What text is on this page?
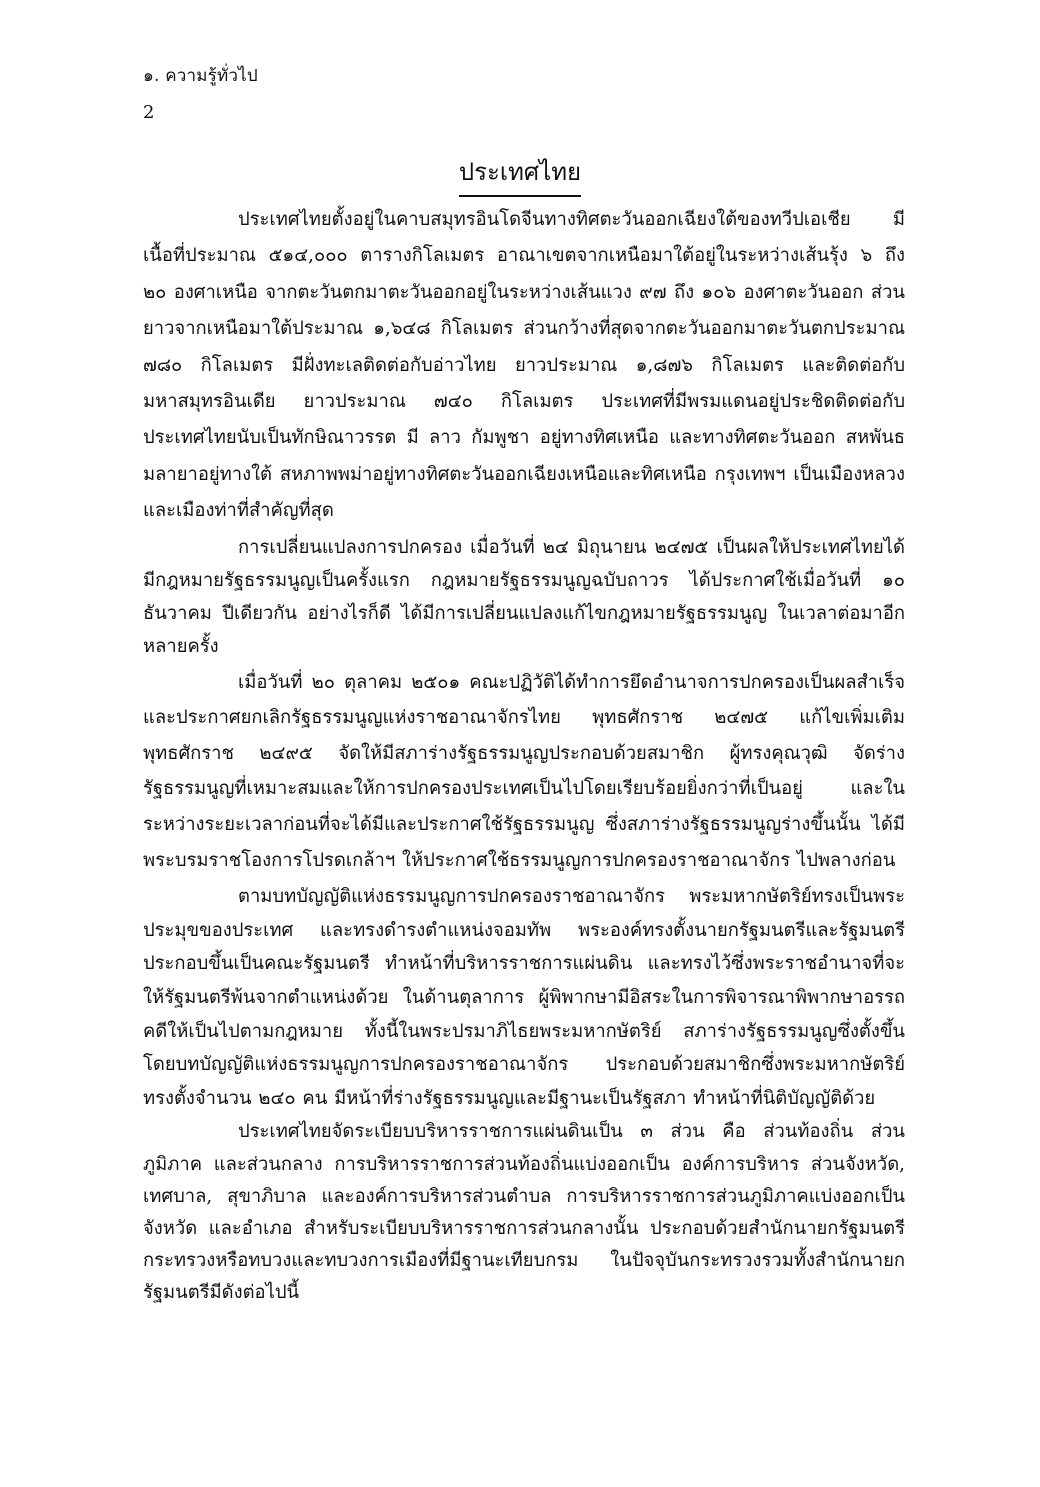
๑. ความรู้ทั่วไป
2
ประเทศไทย

ประเทศไทยตั้งอยู่ในคาบสมุทรอินโดจีนทางทิศตะวันออกเฉียงใต้ของทวีปเอเชีย มีเนื้อที่ประมาณ ๕๑๔,๐๐๐ ตารางกิโลเมตร อาณาเขตจากเหนือมาใต้อยู่ในระหว่างเส้นรุ้ง ๖ ถึง ๒๐ องศาเหนือ จากตะวันตกมาตะวันออกอยู่ในระหว่างเส้นแวง ๙๗ ถึง ๑๐๖ องศาตะวันออก ส่วนยาวจากเหนือมาใต้ประมาณ ๑,๖๔๘ กิโลเมตร ส่วนกว้างที่สุดจากตะวันออกมาตะวันตกประมาณ ๗๘๐ กิโลเมตร มีฝั่งทะเลติดต่อกับอ่าวไทย ยาวประมาณ ๑,๘๗๖ กิโลเมตร และติดต่อกับมหาสมุทรอินเดีย ยาวประมาณ ๗๔๐ กิโลเมตร ประเทศที่มีพรมแดนอยู่ประชิดติดต่อกับประเทศไทยนับเป็นทักษิณาวรรต มี ลาว กัมพูชา อยู่ทางทิศเหนือ และทางทิศตะวันออก สหพันธมลายาอยู่ทางใต้ สหภาพพม่าอยู่ทางทิศตะวันออกเฉียงเหนือและทิศเหนือ กรุงเทพฯ เป็นเมืองหลวงและเมืองท่าที่สำคัญที่สุด

การเปลี่ยนแปลงการปกครอง เมื่อวันที่ ๒๔ มิถุนายน ๒๔๗๕ เป็นผลให้ประเทศไทยได้มีกฎหมายรัฐธรรมนูญเป็นครั้งแรก กฎหมายรัฐธรรมนูญฉบับถาวร ได้ประกาศใช้เมื่อวันที่ ๑๐ ธันวาคม ปีเดียวกัน อย่างไรก็ดี ได้มีการเปลี่ยนแปลงแก้ไขกฎหมายรัฐธรรมนูญ ในเวลาต่อมาอีกหลายครั้ง

เมื่อวันที่ ๒๐ ตุลาคม ๒๕๐๑ คณะปฏิวัติได้ทำการยึดอำนาจการปกครองเป็นผลสำเร็จ และประกาศยกเลิกรัฐธรรมนูญแห่งราชอาณาจักรไทย พุทธศักราช ๒๔๗๕ แก้ไขเพิ่มเติม พุทธศักราช ๒๔๙๕ จัดให้มีสภาร่างรัฐธรรมนูญประกอบด้วยสมาชิก ผู้ทรงคุณวุฒิ จัดร่างรัฐธรรมนูญที่เหมาะสมและให้การปกครองประเทศเป็นไปโดยเรียบร้อยยิ่งกว่าที่เป็นอยู่ และในระหว่างระยะเวลาก่อนที่จะได้มีและประกาศใช้รัฐธรรมนูญ ซึ่งสภาร่างรัฐธรรมนูญร่างขึ้นนั้น ได้มีพระบรมราชโองการโปรดเกล้าฯ ให้ประกาศใช้ธรรมนูญการปกครองราชอาณาจักร ไปพลางก่อน

ตามบทบัญญัติแห่งธรรมนูญการปกครองราชอาณาจักร พระมหากษัตริย์ทรงเป็นพระประมุขของประเทศ และทรงดำรงตำแหน่งจอมทัพ พระองค์ทรงตั้งนายกรัฐมนตรีและรัฐมนตรีประกอบขึ้นเป็นคณะรัฐมนตรี ทำหน้าที่บริหารราชการแผ่นดิน และทรงไว้ซึ่งพระราชอำนาจที่จะให้รัฐมนตรีพ้นจากตำแหน่งด้วย ในด้านตุลาการ ผู้พิพากษามีอิสระในการพิจารณาพิพากษาอรรถคดีให้เป็นไปตามกฎหมาย ทั้งนี้ในพระปรมาภิไธยพระมหากษัตริย์ สภาร่างรัฐธรรมนูญซึ่งตั้งขึ้นโดยบทบัญญัติแห่งธรรมนูญการปกครองราชอาณาจักร ประกอบด้วยสมาชิกซึ่งพระมหากษัตริย์ทรงตั้งจำนวน ๒๔๐ คน มีหน้าที่ร่างรัฐธรรมนูญและมีฐานะเป็นรัฐสภา ทำหน้าที่นิติบัญญัติด้วย

ประเทศไทยจัดระเบียบบริหารราชการแผ่นดินเป็น ๓ ส่วน คือ ส่วนท้องถิ่น ส่วนภูมิภาค และส่วนกลาง การบริหารราชการส่วนท้องถิ่นแบ่งออกเป็น องค์การบริหาร ส่วนจังหวัด, เทศบาล, สุขาภิบาล และองค์การบริหารส่วนตำบล การบริหารราชการส่วนภูมิภาคแบ่งออกเป็น จังหวัด และอำเภอ สำหรับระเบียบบริหารราชการส่วนกลางนั้น ประกอบด้วยสำนักนายกรัฐมนตรี กระทรวงหรือทบวงและทบวงการเมืองที่มีฐานะเทียบกรม ในปัจจุบันกระทรวงรวมทั้งสำนักนายกรัฐมนตรีมีดังต่อไปนี้
